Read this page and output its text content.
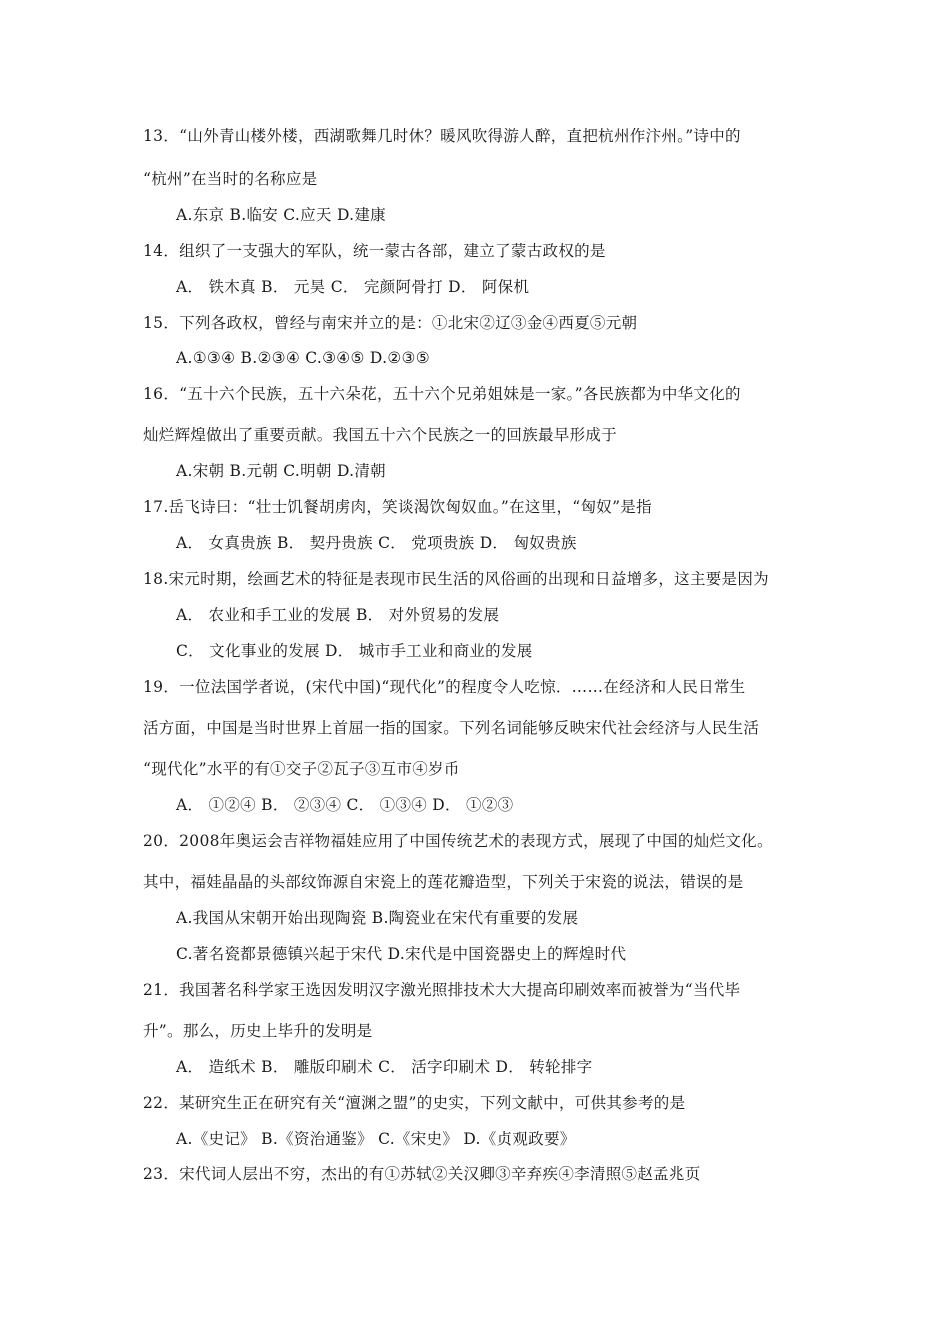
13．“山外青山楼外楼，西湖歌舞几时休？暖风吹得游人醉，直把杭州作汴州。”诗中的
“杭州”在当时的名称应是
A.东京 B.临安 C.应天 D.建康
14．组织了一支强大的军队，统一蒙古各部，建立了蒙古政权的是
A． 铁木真 B． 元昊 C． 完颜阿骨打 D． 阿保机
15．下列各政权，曾经与南宋并立的是：①北宋②辽③金④西夏⑤元朝
A.①③④ B.②③④ C.③④⑤ D.②③⑤
16．“五十六个民族，五十六朵花，五十六个兄弟姐妹是一家。”各民族都为中华文化的
灿烂辉煌做出了重要贡献。我国五十六个民族之一的回族最早形成于
A.宋朝 B.元朝 C.明朝 D.清朝
17.岳飞诗曰：“壮士饥餐胡虏肉，笑谈渴饮匈奴血。”在这里，“匈奴”是指
A． 女真贵族 B． 契丹贵族 C． 党项贵族 D． 匈奴贵族
18.宋元时期，绘画艺术的特征是表现市民生活的风俗画的出现和日益增多，这主要是因为
A． 农业和手工业的发展 B． 对外贸易的发展
C． 文化事业的发展 D． 城市手工业和商业的发展
19．一位法国学者说，(宋代中国)“现代化”的程度令人吃惊．……在经济和人民日常生
活方面，中国是当时世界上首屈一指的国家。下列名词能够反映宋代社会经济与人民生活
“现代化”水平的有①交子②瓦子③互市④岁币
A． ①②④ B． ②③④ C． ①③④ D． ①②③
20．2008年奥运会吉祥物福娃应用了中国传统艺术的表现方式，展现了中国的灿烂文化。
其中，福娃晶晶的头部纹饰源自宋瓷上的莲花瓣造型，下列关于宋瓷的说法，错误的是
A.我国从宋朝开始出现陶瓷 B.陶瓷业在宋代有重要的发展
C.著名瓷都景德镇兴起于宋代 D.宋代是中国瓷器史上的辉煌时代
21．我国著名科学家王选因发明汉字激光照排技术大大提高印刷效率而被誉为“当代毕
升”。那么，历史上毕升的发明是
A． 造纸术 B． 雕版印刷术 C． 活字印刷术 D． 转轮排字
22．某研究生正在研究有关“澶渊之盟”的史实，下列文献中，可供其参考的是
A.《史记》 B.《资治通鉴》 C.《宋史》 D.《贞观政要》
23．宋代词人层出不穷，杰出的有①苏轼②关汉卿③辛弃疾④李清照⑤赵孟兆页
